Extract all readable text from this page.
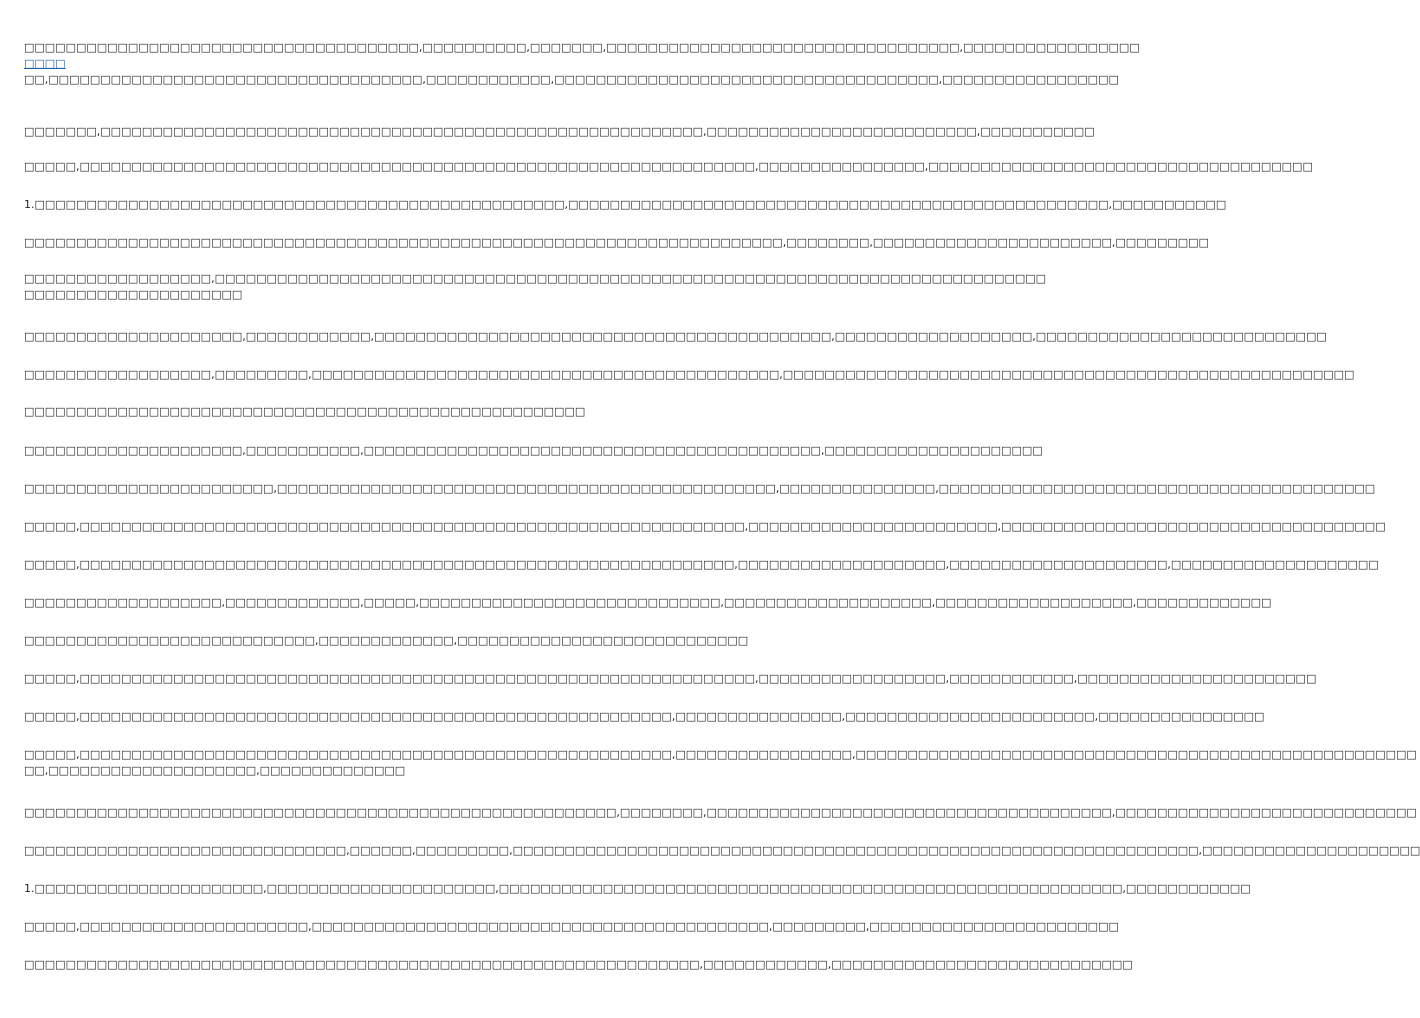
□□□□□□□□□□□□□□□□□□□□□□□□□□□□□□□□□□□□□□,□□□□□□□□□□,□□□□□□□,□□□□□□□□□□□□□□□□□□□□□□□□□□□□□□□□□□,□□□□□□□□□□□□□□□□□
□□□□
□□,□□□□□□□□□□□□□□□□□□□□□□□□□□□□□□□□□□□□,□□□□□□□□□□□□,□□□□□□□□□□□□□□□□□□□□□□□□□□□□□□□□□□□□□,□□□□□□□□□□□□□□□□□
□□□□□□□,□□□□□□□□□□□□□□□□□□□□□□□□□□□□□□□□□□□□□□□□□□□□□□□□□□□□□□□□□□,□□□□□□□□□□□□□□□□□□□□□□□□□□,□□□□□□□□□□□
□□□□□,□□□□□□□□□□□□□□□□□□□□□□□□□□□□□□□□□□□□□□□□□□□□□□□□□□□□□□□□□□□□□□□□□,□□□□□□□□□□□□□□□□,□□□□□□□□□□□□□□□□□□□□□□□□□□□□□□□□□□□□□
1.□□□□□□□□□□□□□□□□□□□□□□□□□□□□□□□□□□□□□□□□□□□□□□□□□□□,□□□□□□□□□□□□□□□□□□□□□□□□□□□□□□□□□□□□□□□□□□□□□□□□□□□□,□□□□□□□□□□□
□□□□□□□□□□□□□□□□□□□□□□□□□□□□□□□□□□□□□□□□□□□□□□□□□□□□□□□□□□□□□□□□□□□□□□□□□,□□□□□□□□,□□□□□□□□□□□□□□□□□□□□□□□,□□□□□□□□□
□□□□□□□□□□□□□□□□□□,□□□□□□□□□□□□□□□□□□□□□□□□□□□□□□□□□□□□□□□□□□□□□□□□□□□□□□□□□□□□□□□□□□□□□□□□□□□□□□□□
□□□□□□□□□□□□□□□□□□□□□
□□□□□□□□□□□□□□□□□□□□□,□□□□□□□□□□□□,□□□□□□□□□□□□□□□□□□□□□□□□□□□□□□□□□□□□□□□□□□□□,□□□□□□□□□□□□□□□□□□□,□□□□□□□□□□□□□□□□□□□□□□□□□□□□
□□□□□□□□□□□□□□□□□□,□□□□□□□□□,□□□□□□□□□□□□□□□□□□□□□□□□□□□□□□□□□□□□□□□□□□□□□,□□□□□□□□□□□□□□□□□□□□□□□□□□□□□□□□□□□□□□□□□□□□□□□□□□□□□□□
□□□□□□□□□□□□□□□□□□□□□□□□□□□□□□□□□□□□□□□□□□□□□□□□□□□□□□
□□□□□□□□□□□□□□□□□□□□□,□□□□□□□□□□□,□□□□□□□□□□□□□□□□□□□□□□□□□□□□□□□□□□□□□□□□□□□□,□□□□□□□□□□□□□□□□□□□□□
□□□□□□□□□□□□□□□□□□□□□□□□,□□□□□□□□□□□□□□□□□□□□□□□□□□□□□□□□□□□□□□□□□□□□□□□□,□□□□□□□□□□□□□□□,□□□□□□□□□□□□□□□□□□□□□□□□□□□□□□□□□□□□□□□□□□
□□□□□,□□□□□□□□□□□□□□□□□□□□□□□□□□□□□□□□□□□□□□□□□□□□□□□□□□□□□□□□□□□□□□□□,□□□□□□□□□□□□□□□□□□□□□□□□,□□□□□□□□□□□□□□□□□□□□□□□□□□□□□□□□□□□□□
□□□□□,□□□□□□□□□□□□□□□□□□□□□□□□□□□□□□□□□□□□□□□□□□□□□□□□□□□□□□□□□□□□□□□,□□□□□□□□□□□□□□□□□□□□,□□□□□□□□□□□□□□□□□□□□□,□□□□□□□□□□□□□□□□□□□□
□□□□□□□□□□□□□□□□□□□,□□□□□□□□□□□□□,□□□□□,□□□□□□□□□□□□□□□□□□□□□□□□□□□□□,□□□□□□□□□□□□□□□□□□□□,□□□□□□□□□□□□□□□□□□□,□□□□□□□□□□□□□
□□□□□□□□□□□□□□□□□□□□□□□□□□□□,□□□□□□□□□□□□□,□□□□□□□□□□□□□□□□□□□□□□□□□□□□
□□□□□,□□□□□□□□□□□□□□□□□□□□□□□□□□□□□□□□□□□□□□□□□□□□□□□□□□□□□□□□□□□□□□□□□,□□□□□□□□□□□□□□□□□□,□□□□□□□□□□□□,□□□□□□□□□□□□□□□□□□□□□□□
□□□□□,□□□□□□□□□□□□□□□□□□□□□□□□□□□□□□□□□□□□□□□□□□□□□□□□□□□□□□□□□,□□□□□□□□□□□□□□□□,□□□□□□□□□□□□□□□□□□□□□□□□,□□□□□□□□□□□□□□□□
□□□□□,□□□□□□□□□□□□□□□□□□□□□□□□□□□□□□□□□□□□□□□□□□□□□□□□□□□□□□□□□,□□□□□□□□□□□□□□□□□,□□□□□□□□□□□□□□□□□□□□□□□□□□□□□□□□□□□□□□□□□□□□□□□□□□□□□□
□□,□□□□□□□□□□□□□□□□□□□□,□□□□□□□□□□□□□□
□□□□□□□□□□□□□□□□□□□□□□□□□□□□□□□□□□□□□□□□□□□□□□□□□□□□□□□□□,□□□□□□□□,□□□□□□□□□□□□□□□□□□□□□□□□□□□□□□□□□□□□□□□,□□□□□□□□□□□□□□□□□□□□□□□□□□□□□
□□□□□□□□□□□□□□□□□□□□□□□□□□□□□□□,□□□□□□,□□□□□□□□□,□□□□□□□□□□□□□□□□□□□□□□□□□□□□□□□□□□□□□□□□□□□□□□□□□□□□□□□□□□□□□□□□□□,□□□□□□□□□□□□□□□□□□□□□
1.□□□□□□□□□□□□□□□□□□□□□□,□□□□□□□□□□□□□□□□□□□□□□,□□□□□□□□□□□□□□□□□□□□□□□□□□□□□□□□□□□□□□□□□□□□□□□□□□□□□□□□□□□□,□□□□□□□□□□□□
□□□□□,□□□□□□□□□□□□□□□□□□□□□□,□□□□□□□□□□□□□□□□□□□□□□□□□□□□□□□□□□□□□□□□□□□□,□□□□□□□□□,□□□□□□□□□□□□□□□□□□□□□□□□
□□□□□□□□□□□□□□□□□□□□□□□□□□□□□□□□□□□□□□□□□□□□□□□□□□□□□□□□□□□□□□□□□,□□□□□□□□□□□□,□□□□□□□□□□□□□□□□□□□□□□□□□□□□□
